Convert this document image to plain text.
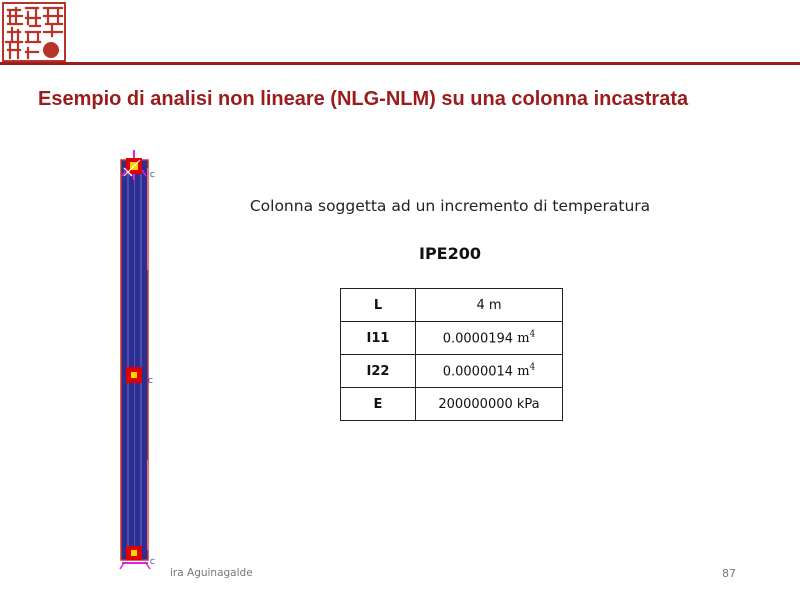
Esempio di analisi non lineare (NLG-NLM) su una colonna incastrata
C
C
C
Colonna soggetta ad un incremento di temperatura
IPE200
L	4 m
I11	0.0000194 $m^4$
I22	0.0000014 $m^4$
E	200000000 kPa
ira Aguinagalde	87
